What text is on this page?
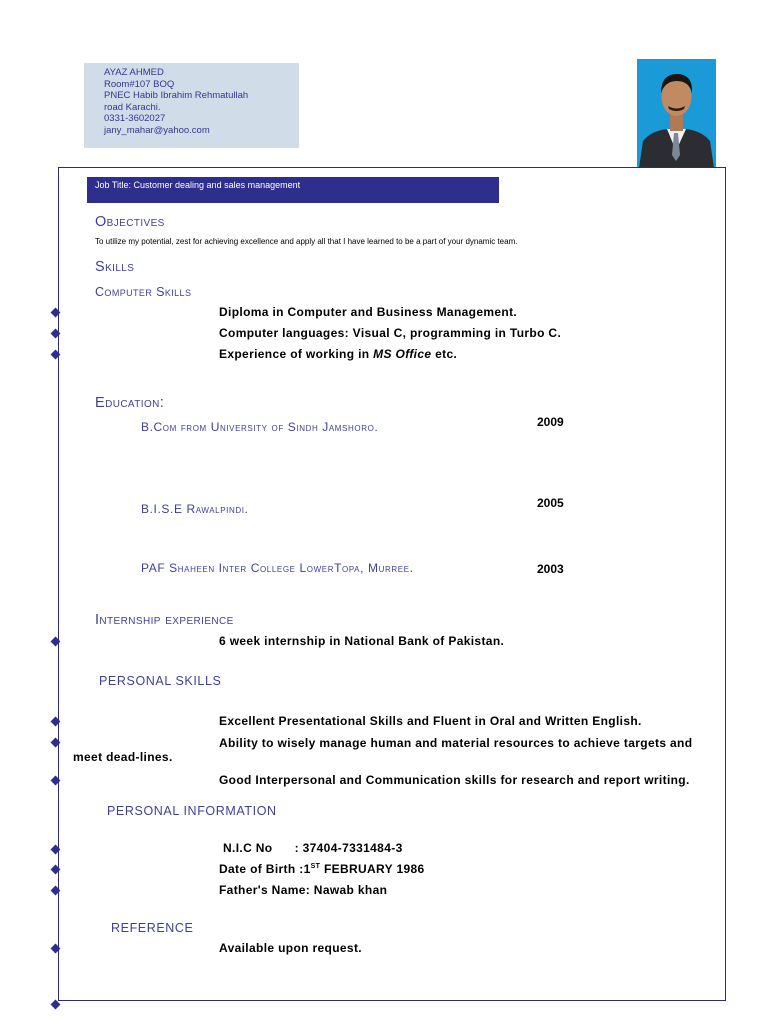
AYAZ AHMED
Room#107 BOQ
PNEC Habib Ibrahim Rehmatullah
road Karachi.
0331-3602027
jany_mahar@yahoo.com
Job Title: Customer dealing and sales management
Objectives
To utilize my potential, zest for achieving excellence and apply all that I have learned to be a part of your dynamic team.
Skills
Computer Skills
Diploma in Computer and Business Management.
Computer languages: Visual C, programming in Turbo C.
Experience of working in MS Office etc.
Education:
B.Com from University of Sindh Jamshoro.	2009
B.I.S.E Rawalpindi.	2005
PAF Shaheen Inter College LowerTopa, Murree.	2003
Internship experience
6 week internship in National Bank of Pakistan.
PERSONAL SKILLS
Excellent Presentational Skills and Fluent in Oral and Written English.
Ability to wisely manage human and material resources to achieve targets and
meet dead-lines.
Good Interpersonal and Communication skills for research and report writing.
PERSONAL INFORMATION
N.I.C No      : 37404-7331484-3
Date of Birth :1ST FEBRUARY 1986
Father's Name: Nawab khan
REFERENCE
Available upon request.
